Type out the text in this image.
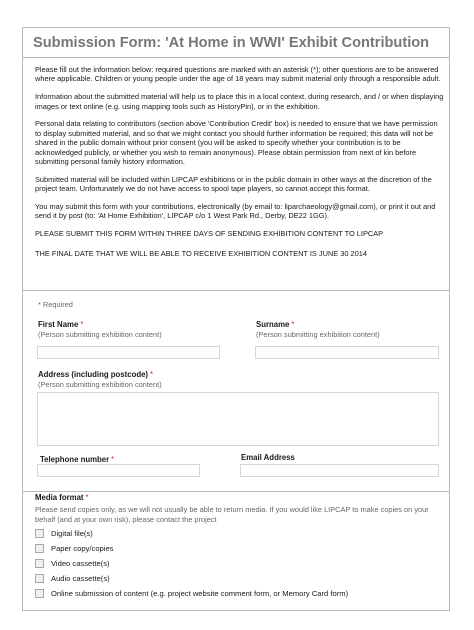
Submission Form: 'At Home in WWI' Exhibit Contribution

Please fill out the information below: required questions are marked with an asterisk (*); other questions are to be answered where applicable. Children or young people under the age of 18 years may submit material only through a responsible adult.

Information about the submitted material will help us to place this in a local context, during research, and / or when displaying images or text online (e.g. using mapping tools such as HistoryPin), or in the exhibition.

Personal data relating to contributors (section above 'Contribution Credit' box) is needed to ensure that we have permission to display submitted material, and so that we might contact you should further information be required; this data will not be shared in the public domain without prior consent (you will be asked to specify whether your contribution is to be acknowledged publicly, or whether you wish to remain anonymous). Please obtain permission from next of kin before submitting personal family history information.

Submitted material will be included within LIPCAP exhibitions or in the public domain in other ways at the discretion of the project team. Unfortunately we do not have access to spool tape players, so cannot accept this format.

You may submit this form with your contributions, electronically (by email to: liparchaeology@gmail.com), or print it out and send it by post (to: 'At Home Exhibition', LIPCAP c/o 1 West Park Rd., Derby, DE22 1GG).

PLEASE SUBMIT THIS FORM WITHIN THREE DAYS OF SENDING EXHIBITION CONTENT TO LIPCAP

THE FINAL DATE THAT WE WILL BE ABLE TO RECEIVE EXHIBITION CONTENT IS JUNE 30 2014

* Required
First Name *
(Person submitting exhibition content)
Surname *
(Person submitting exhibition content)
Address (including postcode) *
(Person submitting exhibition content)
Telephone number *	Email Address
Media format *
Please send copies only, as we will not usually be able to return media. If you would like LIPCAP to make copies on your behalf (and at your own risk), please contact the project
Digital file(s)
Paper copy/copies
Video cassette(s)
Audio cassette(s)
Online submission of content (e.g. project website comment form, or Memory Card form)
